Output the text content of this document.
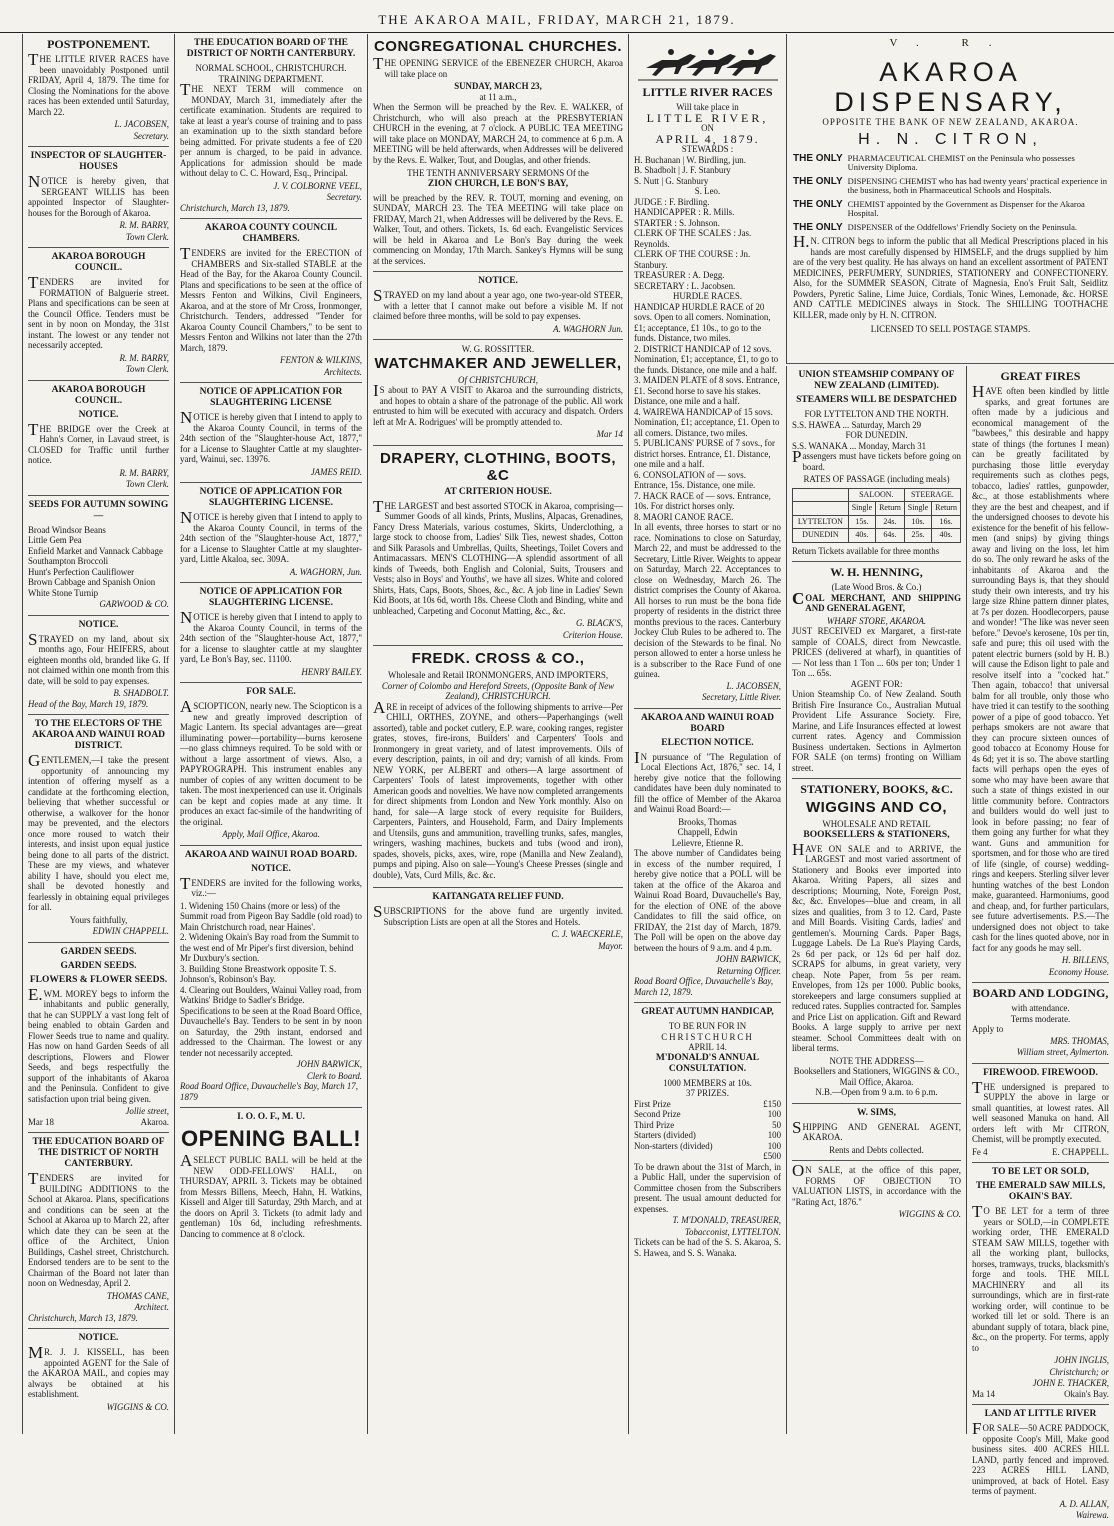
THE AKAROA MAIL, FRIDAY, MARCH 21, 1879.
POSTPONEMENT.
THE LITTLE RIVER RACES have been unavoidably Postponed until FRIDAY, April 4, 1879. The time for Closing the Nominations for the above races has been extended until Saturday, March 22.
L. JACOBSEN,
Secretary.
INSPECTOR OF SLAUGHTER-HOUSES
NOTICE is hereby given, that SERGEANT WILLIS has been appointed Inspector of Slaughter-houses for the Borough of Akaroa.
R. M. BARRY,
Town Clerk.
AKAROA BOROUGH COUNCIL.
TENDERS are invited for FORMATION of Balguerie street. Plans and specifications can be seen at the Council Office. Tenders must be sent in by noon on Monday, the 31st instant. The lowest or any tender not necessarily accepted.
R. M. BARRY,
Town Clerk.
AKAROA BOROUGH COUNCIL.
NOTICE.
THE BRIDGE over the Creek at Hahn's Corner, in Lavaud street, is CLOSED for Traffic until further notice.
R. M. BARRY,
Town Clerk.
SEEDS FOR AUTUMN SOWING—
Broad Windsor Beans
Little Gem Pea
Enfield Market and Vannack Cabbage
Southampton Broccoli
Hunt's Perfection Cauliflower
Brown Cabbage and Spanish Onion
White Stone Turnip
GARWOOD & CO.
NOTICE.
STRAYED on my land, about six months ago, Four HEIFERS, about eighteen months old, branded like G. If not claimed within one month from this date, will be sold to pay expenses.
B. SHADBOLT.
Head of the Bay, March 19, 1879.
TO THE ELECTORS OF THE AKAROA AND WAINUI ROAD DISTRICT.
GENTLEMEN,—I take the present opportunity of announcing my intention of offering myself as a candidate at the forthcoming election, believing that whether successful or otherwise, a walkover for the honor may be prevented, and the electors once more roused to watch their interests, and insist upon equal justice being done to all parts of the district. These are my views, and whatever ability I have, should you elect me, shall be devoted honestly and fearlessly in obtaining equal privileges for all.
Yours faithfully,
EDWIN CHAPPELL.
GARDEN SEEDS.
GARDEN SEEDS.
FLOWERS & FLOWER SEEDS.
E.WM. MOREY begs to inform the inhabitants and public generally, that he can SUPPLY a vast long felt of being enabled to obtain Garden and Flower Seeds true to name and quality. Has now on hand Garden Seeds of all descriptions, Flowers and Flower Seeds, and begs respectfully the support of the inhabitants of Akaroa and the Peninsula. Confident to give satisfaction upon trial being given.
Jollie street,
Mar 18	Akaroa.
THE EDUCATION BOARD OF THE DISTRICT OF NORTH CANTERBURY.
TENDERS are invited for BUILDING ADDITIONS to the School at Akaroa. Plans, specifications and conditions can be seen at the School at Akaroa up to March 22, after which date they can be seen at the office of the Architect, Union Buildings, Cashel street, Christchurch. Endorsed tenders are to be sent to the Chairman of the Board not later than noon on Wednesday, April 2.
THOMAS CANE,
Architect.
Christchurch, March 13, 1879.
NOTICE.
MR. J. J. KISSELL, has been appointed AGENT for the Sale of the AKAROA MAIL, and copies may always be obtained at his establishment.
WIGGINS & CO.
THE EDUCATION BOARD OF THE DISTRICT OF NORTH CANTERBURY.
NORMAL SCHOOL, CHRISTCHURCH.
TRAINING DEPARTMENT.
THE NEXT TERM will commence on MONDAY, March 31, immediately after the certificate examination. Students are required to take at least a year's course of training and to pass an examination up to the sixth standard before being admitted. For private students a fee of £20 per annum is charged, to be paid in advance. Applications for admission should be made without delay to C. C. Howard, Esq., Principal.
J. V. COLBORNE VEEL,
Secretary.
Christchurch, March 13, 1879.
AKAROA COUNTY COUNCIL CHAMBERS.
TENDERS are invited for the ERECTION of CHAMBERS and Six-stalled STABLE at the Head of the Bay, for the Akaroa County Council. Plans and specifications to be seen at the office of Messrs Fenton and Wilkins, Civil Engineers, Akaroa, and at the store of Mr Cross, Ironmonger, Christchurch. Tenders, addressed "Tender for Akaroa County Council Chambers," to be sent to Messrs Fenton and Wilkins not later than the 27th March, 1879.
FENTON & WILKINS,
Architects.
NOTICE OF APPLICATION FOR SLAUGHTERING LICENSE
NOTICE is hereby given that I intend to apply to the Akaroa County Council, in terms of the 24th section of the "Slaughter-house Act, 1877," for a License to Slaughter Cattle at my slaughter-yard, Wainui, sec. 13976.
JAMES REID.
NOTICE OF APPLICATION FOR SLAUGHTERING LICENSE.
NOTICE is hereby given that I intend to apply to the Akaroa County Council, in terms of the 24th section of the "Slaughter-house Act, 1877," for a License to Slaughter Cattle at my slaughter-yard, Little Akaloa, sec. 309A.
A. WAGHORN, Jun.
NOTICE OF APPLICATION FOR SLAUGHTERING LICENSE.
NOTICE is hereby given that I intend to apply to the Akaroa County Council, in terms of the 24th section of the "Slaughter-house Act, 1877," for a license to slaughter cattle at my slaughter yard, Le Bon's Bay, sec. 11100.
HENRY BAILEY.
FOR SALE.
ASCIOPTICON, nearly new. The Sciopticon is a new and greatly improved description of Magic Lantern. Its special advantages are—great illuminating power—portability—burns kerosene—no glass chimneys required. To be sold with or without a large assortment of views. Also, a PAPYROGRAPH. This instrument enables any number of copies of any written document to be taken. The most inexperienced can use it. Originals can be kept and copies made at any time. It produces an exact fac-simile of the handwriting of the original.
Apply, Mail Office, Akaroa.
AKAROA AND WAINUI ROAD BOARD.
NOTICE.
TENDERS are invited for the following works, viz.:—
1. Widening 150 Chains (more or less) of the Summit road from Pigeon Bay Saddle (old road) to Main Christchurch road, near Haines'.
2. Widening Okain's Bay road from the Summit to the west end of Mr Piper's first diversion, behind Mr Duxbury's section.
3. Building Stone Breastwork opposite T. S. Johnson's, Robinson's Bay.
4. Clearing out Boulders, Wainui Valley road, from Watkins' Bridge to Sadler's Bridge.
Specifications to be seen at the Road Board Office, Duvauchelle's Bay. Tenders to be sent in by noon on Saturday, the 29th instant, endorsed and addressed to the Chairman. The lowest or any tender not necessarily accepted.
JOHN BARWICK,
Clerk to Board.
Road Board Office, Duvauchelle's Bay, March 17, 1879
I. O. O. F., M. U.
OPENING BALL!
ASELECT PUBLIC BALL will be held at the NEW ODD-FELLOWS' HALL, on THURSDAY, APRIL 3. Tickets may be obtained from Messrs Billens, Meech, Hahn, H. Watkins, Kissell and Alger till Saturday, 29th March, and at the doors on April 3. Tickets (to admit lady and gentleman) 10s 6d, including refreshments. Dancing to commence at 8 o'clock.
CONGREGATIONAL CHURCHES.
THE OPENING SERVICE of the EBENEZER CHURCH, Akaroa will take place on
SUNDAY, MARCH 23,
at 11 a.m.,
When the Sermon will be preached by the Rev. E. WALKER, of Christchurch, who will also preach at the PRESBYTERIAN CHURCH in the evening, at 7 o'clock. A PUBLIC TEA MEETING will take place on MONDAY, MARCH 24, to commence at 6 p.m. A MEETING will be held afterwards, when Addresses will be delivered by the Revs. E. Walker, Tout, and Douglas, and other friends.
THE TENTH ANNIVERSARY SERMONS Of the
ZION CHURCH, LE BON'S BAY,
will be preached by the REV. R. TOUT, morning and evening, on SUNDAY, MARCH 23. The TEA MEETING will take place on FRIDAY, March 21, when Addresses will be delivered by the Revs. E. Walker, Tout, and others. Tickets, 1s. 6d each. Evangelistic Services will be held in Akaroa and Le Bon's Bay during the week commencing on Monday, 17th March. Sankey's Hymns will be sung at the services.
NOTICE.
STRAYED on my land about a year ago, one two-year-old STEER, with a letter that I cannot make out before a visible M. If not claimed before three months, will be sold to pay expenses.
A. WAGHORN Jun.
W. G. ROSSITTER.
WATCHMAKER AND JEWELLER,
Of CHRISTCHURCH,
IS about to PAY A VISIT to Akaroa and the surrounding districts, and hopes to obtain a share of the patronage of the public. All work entrusted to him will be executed with accuracy and dispatch. Orders left at Mr A. Rodrigues' will be promptly attended to.
Mar 14
DRAPERY, CLOTHING, BOOTS, &C
AT CRITERION HOUSE.
THE LARGEST and best assorted STOCK in Akaroa, comprising—Summer Goods of all kinds, Prints, Muslins, Alpacas, Grenadines, Fancy Dress Materials, various costumes, Skirts, Underclothing, a large stock to choose from, Ladies' Silk Ties, newest shades, Cotton and Silk Parasols and Umbrellas, Quilts, Sheetings, Toilet Covers and Antimacassars. MEN'S CLOTHING—A splendid assortment of all kinds of Tweeds, both English and Colonial, Suits, Trousers and Vests; also in Boys' and Youths', we have all sizes. White and colored Shirts, Hats, Caps, Boots, Shoes, &c., &c. A job line in Ladies' Sewn Kid Boots, at 10s 6d, worth 18s. Cheese Cloth and Binding, white and unbleached, Carpeting and Coconut Matting, &c., &c.
G. BLACK'S,
Criterion House.
FREDK. CROSS & CO.,
Wholesale and Retail IRONMONGERS, AND IMPORTERS,
Corner of Colombo and Hereford Streets, (Opposite Bank of New Zealand), CHRISTCHURCH.
ARE in receipt of advices of the following shipments to arrive—Per CHILI, ORTHES, ZOYNE, and others—Paperhangings (well assorted), table and pocket cutlery, E.P. ware, cooking ranges, register grates, stoves, fire-irons, Builders' and Carpenters' Tools and Ironmongery in great variety, and of latest improvements. Oils of every description, paints, in oil and dry; varnish of all kinds. From NEW YORK, per ALBERT and others—A large assortment of Carpenters' Tools of latest improvements, together with other American goods and novelties. We have now completed arrangements for direct shipments from London and New York monthly. Also on hand, for sale—A large stock of every requisite for Builders, Carpenters, Painters, and Household, Farm, and Dairy Implements and Utensils, guns and ammunition, travelling trunks, safes, mangles, wringers, washing machines, buckets and tubs (wood and iron), spades, shovels, picks, axes, wire, rope (Manilla and New Zealand), pumps and piping. Also on sale—Young's Cheese Presses (single and double), Vats, Curd Mills, &c. &c.
KAITANGATA RELIEF FUND.
SUBSCRIPTIONS for the above fund are urgently invited. Subscription Lists are open at all the Stores and Hotels.
C. J. WAECKERLE,
Mayor.
LITTLE RIVER RACES
Will take place in
LITTLE RIVER,
ON
APRIL 4, 1879.
STEWARDS :
H. Buchanan | W. Birdling, jun.
B. Shadbolt | J. F. Stanbury
S. Nutt | G. Stanbury
S. Leo.
JUDGE : F. Birdling.
HANDICAPPER : R. Mills.
STARTER : S. Johnson.
CLERK OF THE SCALES : Jas. Reynolds.
CLERK OF THE COURSE : Jn. Stanbury.
TREASURER : A. Degg.
SECRETARY : L. Jacobsen.
HURDLE RACES.
HANDICAP HURDLE RACE of 20 sovs. Open to all comers. Nomination, £1; acceptance, £1 10s., to go to the funds. Distance, two miles.
2. DISTRICT HANDICAP of 12 sovs. Nomination, £1; acceptance, £1, to go to the funds. Distance, one mile and a half.
3. MAIDEN PLATE of 8 sovs. Entrance, £1. Second horse to save his stakes. Distance, one mile and a half.
4. WAIREWA HANDICAP of 15 sovs. Nomination, £1; acceptance, £1. Open to all comers. Distance, two miles.
5. PUBLICANS' PURSE of 7 sovs., for district horses. Entrance, £1. Distance, one mile and a half.
6. CONSOLATION of — sovs. Entrance, 15s. Distance, one mile.
7. HACK RACE of — sovs. Entrance, 10s. For district horses only.
8. MAORI CANOE RACE.
In all events, three horses to start or no race. Nominations to close on Saturday, March 22, and must be addressed to the Secretary, Little River. Weights to appear on Saturday, March 22. Acceptances to close on Wednesday, March 26. The district comprises the County of Akaroa. All horses to run must be the bona fide property of residents in the district three months previous to the races. Canterbury Jockey Club Rules to be adhered to. The decision of the Stewards to be final. No person allowed to enter a horse unless he is a subscriber to the Race Fund of one guinea.
L. JACOBSEN,
Secretary, Little River.
AKAROA AND WAINUI ROAD BOARD
ELECTION NOTICE.
IN pursuance of "The Regulation of Local Elections Act, 1876," sec. 14, I hereby give notice that the following candidates have been duly nominated to fill the office of Member of the Akaroa and Wainui Road Board:—
Brooks, Thomas
Chappell, Edwin
Lelievre, Etienne R.
The above number of Candidates being in excess of the number required, I hereby give notice that a POLL will be taken at the office of the Akaroa and Wainui Road Board, Duvauchelle's Bay, for the election of ONE of the above Candidates to fill the said office, on FRIDAY, the 21st day of March, 1879. The Poll will be open on the above day between the hours of 9 a.m. and 4 p.m.
JOHN BARWICK,
Returning Officer.
Road Board Office, Duvauchelle's Bay, March 12, 1879.
GREAT AUTUMN HANDICAP,
TO BE RUN FOR IN
CHRISTCHURCH
APRIL 14.
M'DONALD'S ANNUAL CONSULTATION.
1000 MEMBERS at 10s.
37 PRIZES.
First Prize	£150
Second Prize	100
Third Prize	50
Starters (divided)	100
Non-starters (divided)	100
£500
To be drawn about the 31st of March, in a Public Hall, under the supervision of Committee chosen from the Subscribers present. The usual amount deducted for expenses.
T. M'DONALD, TREASURER,
Tobacconist, LYTTELTON.
Tickets can be had of the S. S. Akaroa, S. S. Hawea, and S. S. Wanaka.
V. R.
AKAROA DISPENSARY,
OPPOSITE THE BANK OF NEW ZEALAND, AKAROA.
H. N. CITRON,
THE ONLY PHARMACEUTICAL CHEMIST on the Peninsula who possesses University Diploma.
THE ONLY DISPENSING CHEMIST who has had twenty years' practical experience in the business, both in Pharmaceutical Schools and Hospitals.
THE ONLY CHEMIST appointed by the Government as Dispenser for the Akaroa Hospital.
THE ONLY DISPENSER of the Oddfellows' Friendly Society on the Peninsula.
H.N. CITRON begs to inform the public that all Medical Prescriptions placed in his hands are most carefully dispensed by HIMSELF, and the drugs supplied by him are of the very best quality. He has always on hand an excellent assortment of PATENT MEDICINES, PERFUMERY, SUNDRIES, STATIONERY and CONFECTIONERY. Also, for the SUMMER SEASON, Citrate of Magnesia, Eno's Fruit Salt, Seidlitz Powders, Pyretic Saline, Lime Juice, Cordials, Tonic Wines, Lemonade, &c. HORSE AND CATTLE MEDICINES always in Stock. The SHILLING TOOTHACHE KILLER, made only by H. N. CITRON.
LICENSED TO SELL POSTAGE STAMPS.
UNION STEAMSHIP COMPANY OF NEW ZEALAND (LIMITED).
STEAMERS WILL BE DESPATCHED
FOR LYTTELTON AND THE NORTH.
S.S. HAWEA ... Saturday, March 29
FOR DUNEDIN.
S.S. WANAKA ... Monday, March 31
Passengers must have tickets before going on board.
RATES OF PASSAGE (including meals)
	SALOON.		STEERAGE.	
	Single	Return	Single	Return
LYTTELTON	15s.	24s.	10s.	16s.
DUNEDIN	40s.	64s.	25s.	40s.
Return Tickets available for three months
W. H. HENNING,
(Late Wood Bros. & Co.)
COAL MERCHANT, AND SHIPPING AND GENERAL AGENT,
WHARF STORE, AKAROA.
JUST RECEIVED ex Margaret, a first-rate sample of COALS, direct from Newcastle. PRICES (delivered at wharf), in quantities of— Not less than 1 Ton ... 60s per ton; Under 1 Ton ... 65s.
AGENT FOR:
Union Steamship Co. of New Zealand. South British Fire Insurance Co., Australian Mutual Provident Life Assurance Society. Fire, Marine, and Life Insurances effected at lowest current rates. Agency and Commission Business undertaken. Sections in Aylmerton FOR SALE (on terms) fronting on William street.
STATIONERY, BOOKS, &C.
WIGGINS AND CO,
WHOLESALE AND RETAIL
BOOKSELLERS & STATIONERS,
HAVE ON SALE and to ARRIVE, the LARGEST and most varied assortment of Stationery and Books ever imported into Akaroa. Writing Papers, all sizes and descriptions; Mourning, Note, Foreign Post, &c, &c. Envelopes—blue and cream, in all sizes and qualities, from 3 to 12. Card, Paste and Mill Boards. Visiting Cards, ladies' and gentlemen's. Mourning Cards. Paper Bags, Luggage Labels. De La Rue's Playing Cards, 2s 6d per pack, or 12s 6d per half doz. SCRAPS for albums, in great variety, very cheap. Note Paper, from 5s per ream. Envelopes, from 12s per 1000. Public books, storekeepers and large consumers supplied at reduced rates. Supplies contracted for. Samples and Price List on application. Gift and Reward Books. A large supply to arrive per next steamer. School Committees dealt with on liberal terms.
NOTE THE ADDRESS—
Booksellers and Stationers, WIGGINS & CO., Mail Office, Akaroa.
N.B.—Open from 9 a.m. to 6 p.m.
W. SIMS,
SHIPPING AND GENERAL AGENT, AKAROA.
Rents and Debts collected.
ON SALE, at the office of this paper, FORMS OF OBJECTION TO VALUATION LISTS, in accordance with the "Rating Act, 1876."
WIGGINS & CO.
GREAT FIRES
HAVE often been kindled by little sparks, and great fortunes are often made by a judicious and economical management of the "bawbees," this desirable and happy state of things (the fortunes I mean) can be greatly facilitated by purchasing those little everyday requirements such as clothes pegs, tobacco, ladies' rattles, gunpowder, &c., at those establishments where they are the best and cheapest, and if the undersigned chooses to devote his existence for the benefit of his fellow-men (and snips) by giving things away and living on the loss, let him do so. The only reward he asks of the inhabitants of Akaroa and the surrounding Bays is, that they should study their own interests, and try his large size Rhine pattern dinner plates, at 7s per dozen. Hoodlecorpers, pause and wonder! "The like was never seen before." Devoe's kerosene, 10s per tin, safe and pure; this oil used with the patent electric burners (sold by H. B.) will cause the Edison light to pale and resolve itself into a "cocked hat." Then again, tobacco! that universal balm for all trouble, only those who have tried it can testify to the soothing power of a pipe of good tobacco. Yet perhaps smokers are not aware that they can procure sixteen ounces of good tobacco at Economy House for 4s 6d; yet it is so. The above startling facts will perhaps open the eyes of some who may have been aware that such a state of things existed in our little community before. Contractors and builders would do well just to look in before passing; no fear of them going any further for what they want. Guns and ammunition for sportsmen, and for those who are tired of life (single, of course) wedding-rings and keepers. Sterling silver lever hunting watches of the best London make, guaranteed. Harmoniums, good and cheap, and, for further particulars, see future advertisements. P.S.—The undersigned does not object to take cash for the lines quoted above, nor in fact for any goods he may sell.
H. BILLENS,
Economy House.
BOARD AND LODGING,
with attendance.
Terms moderate.
Apply to
MRS. THOMAS,
William street, Aylmerton.
FIREWOOD. FIREWOOD.
THE undersigned is prepared to SUPPLY the above in large or small quantities, at lowest rates. All well seasoned Manuka on hand. All orders left with Mr CITRON, Chemist, will be promptly executed.
Fe 4	E. CHAPPELL.
TO BE LET OR SOLD,
THE EMERALD SAW MILLS, OKAIN'S BAY.
TO BE LET for a term of three years or SOLD,—in COMPLETE working order, THE EMERALD STEAM SAW MILLS, together with all the working plant, bullocks, horses, tramways, trucks, blacksmith's forge and tools. THE MILL MACHINERY and all its surroundings, which are in first-rate working order, will continue to be worked till let or sold. There is an abundant supply of totara, black pine, &c., on the property. For terms, apply to
JOHN INGLIS,
Christchurch; or
JOHN E. THACKER,
Ma 14	Okain's Bay.
LAND AT LITTLE RIVER
FOR SALE—50 ACRE PADDOCK, opposite Coop's Mill, Make good business sites. 400 ACRES HILL LAND, partly fenced and improved. 223 ACRES HILL LAND, unimproved, at back of Hotel. Easy terms of payment.
A. D. ALLAN,
Wairewa.
